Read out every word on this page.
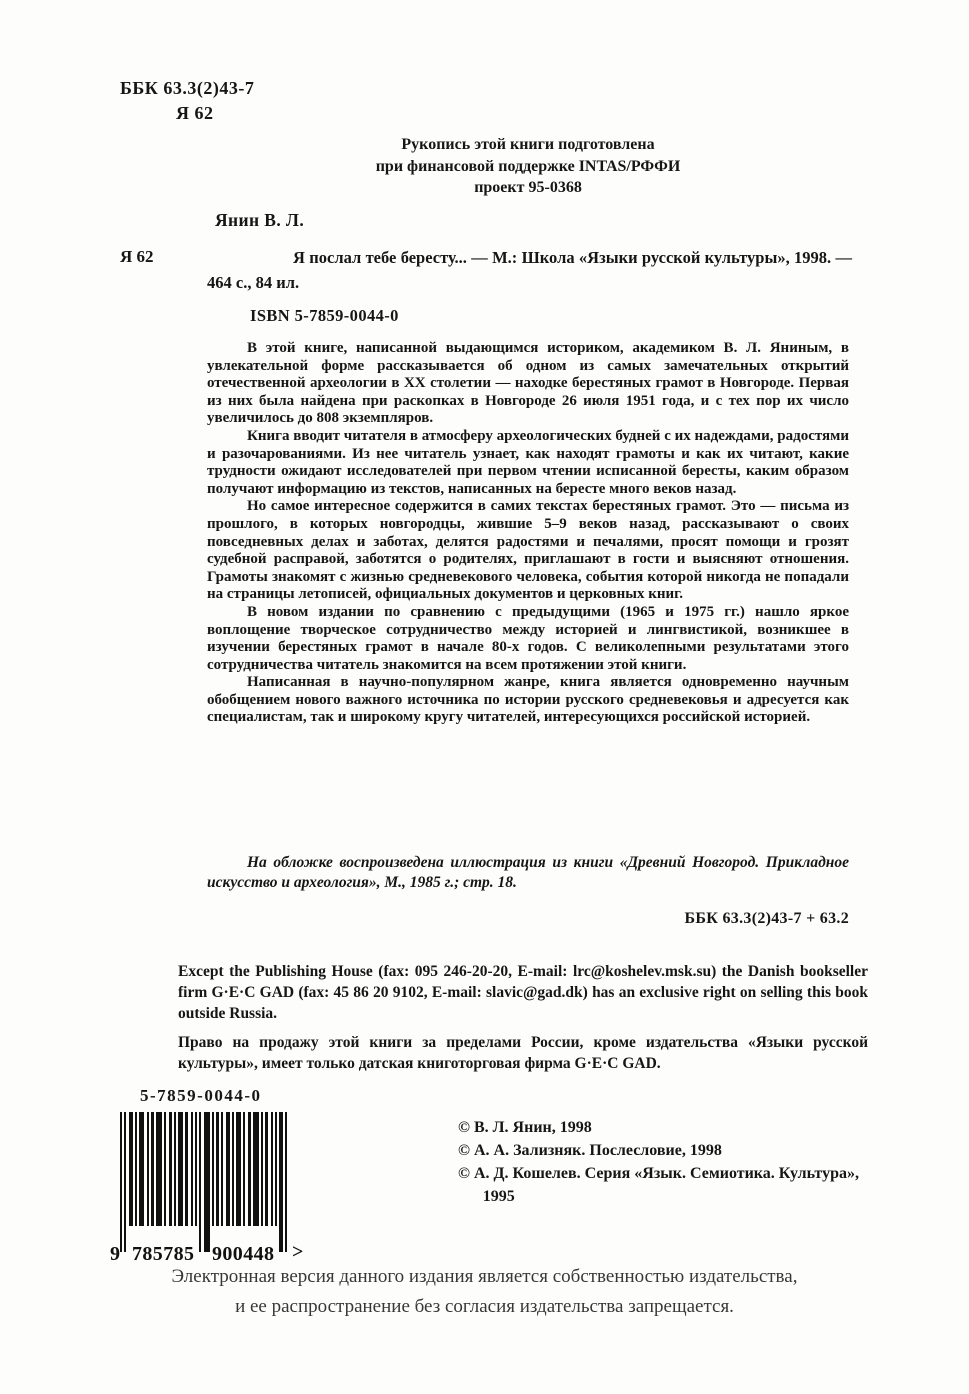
ББК 63.3(2)43-7
Я 62
Рукопись этой книги подготовлена
при финансовой поддержке INTAS/РФФИ
проект 95-0368
Янин В. Л.
Я 62	Я послал тебе бересту... — М.: Школа «Языки русской культуры», 1998. — 464 с., 84 ил.

ISBN 5-7859-0044-0

В этой книге, написанной выдающимся историком, академиком В. Л. Яниным, в увлекательной форме рассказывается об одном из самых замечательных открытий отечественной археологии в XX столетии — находке берестяных грамот в Новгороде. Первая из них была найдена при раскопках в Новгороде 26 июля 1951 года, и с тех пор их число увеличилось до 808 экземпляров.

Книга вводит читателя в атмосферу археологических будней с их надеждами, радостями и разочарованиями. Из нее читатель узнает, как находят грамоты и как их читают, какие трудности ожидают исследователей при первом чтении исписанной бересты, каким образом получают информацию из текстов, написанных на бересте много веков назад.

Но самое интересное содержится в самих текстах берестяных грамот. Это — письма из прошлого, в которых новгородцы, жившие 5–9 веков назад, рассказывают о своих повседневных делах и заботах, делятся радостями и печалями, просят помощи и грозят судебной расправой, заботятся о родителях, приглашают в гости и выясняют отношения. Грамоты знакомят с жизнью средневекового человека, события которой никогда не попадали на страницы летописей, официальных документов и церковных книг.

В новом издании по сравнению с предыдущими (1965 и 1975 гг.) нашло яркое воплощение творческое сотрудничество между историей и лингвистикой, возникшее в изучении берестяных грамот в начале 80-х годов. С великолепными результатами этого сотрудничества читатель знакомится на всем протяжении этой книги.

Написанная в научно-популярном жанре, книга является одновременно научным обобщением нового важного источника по истории русского средневековья и адресуется как специалистам, так и широкому кругу читателей, интересующихся российской историей.

На обложке воспроизведена иллюстрация из книги «Древний Новгород. Прикладное искусство и археология», М., 1985 г.; стр. 18.

ББК 63.3(2)43-7 + 63.2

Except the Publishing House (fax: 095 246-20-20, E-mail: lrc@koshelev.msk.su) the Danish bookseller firm G·E·C GAD (fax: 45 86 20 9102, E-mail: slavic@gad.dk) has an exclusive right on selling this book outside Russia.

Право на продажу этой книги за пределами России, кроме издательства «Языки русской культуры», имеет только датская книготорговая фирма G·E·C GAD.

5-7859-0044-0
9 785785 900448 >
© В. Л. Янин, 1998
© А. А. Зализняк. Послесловие, 1998
© А. Д. Кошелев. Серия «Язык. Семиотика. Культура», 1995
Электронная версия данного издания является собственностью издательства,
и ее распространение без согласия издательства запрещается.
